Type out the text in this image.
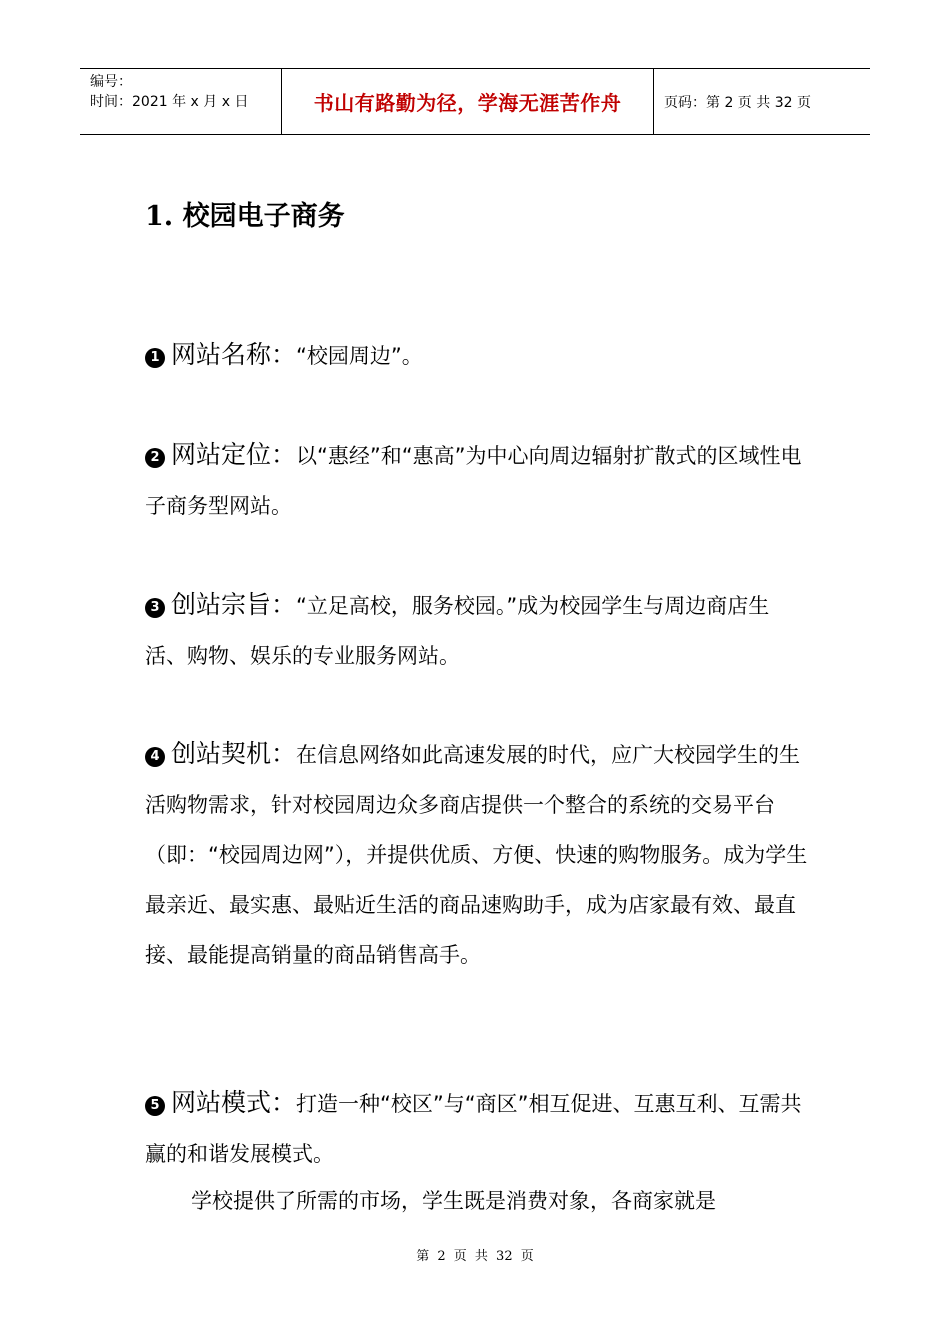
编号：
时间：2021 年 x 月 x 日	书山有路勤为径，学海无涯苦作舟	页码：第 2 页 共 32 页
1. 校园电子商务

1 网站名称：“校园周边”。

2 网站定位：以“惠经”和“惠高”为中心向周边辐射扩散式的区域性电子商务型网站。

3 创站宗旨：“立足高校，服务校园。”成为校园学生与周边商店生活、购物、娱乐的专业服务网站。

4 创站契机：在信息网络如此高速发展的时代，应广大校园学生的生活购物需求，针对校园周边众多商店提供一个整合的系统的交易平台（即：“校园周边网”），并提供优质、方便、快速的购物服务。成为学生最亲近、最实惠、最贴近生活的商品速购助手，成为店家最有效、最直接、最能提高销量的商品销售高手。

5 网站模式：打造一种“校区”与“商区”相互促进、互惠互利、互需共赢的和谐发展模式。

学校提供了所需的市场，学生既是消费对象，各商家就是

第 2 页 共 32 页
